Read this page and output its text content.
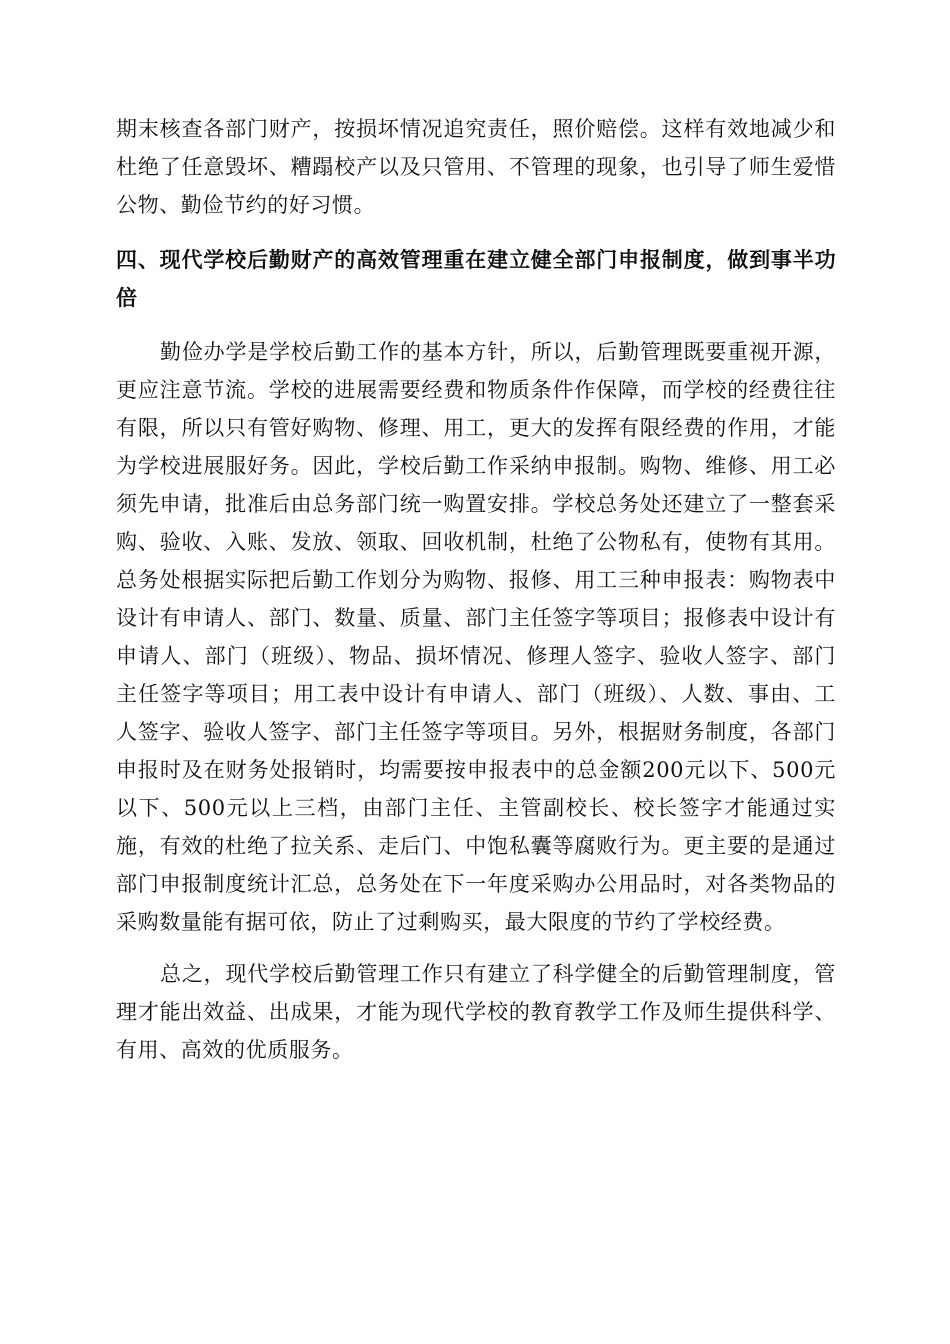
期末核查各部门财产，按损坏情况追究责任，照价赔偿。这样有效地减少和杜绝了任意毁坏、糟蹋校产以及只管用、不管理的现象，也引导了师生爱惜公物、勤俭节约的好习惯。

四、现代学校后勤财产的高效管理重在建立健全部门申报制度，做到事半功倍

勤俭办学是学校后勤工作的基本方针，所以，后勤管理既要重视开源，更应注意节流。学校的进展需要经费和物质条件作保障，而学校的经费往往有限，所以只有管好购物、修理、用工，更大的发挥有限经费的作用，才能为学校进展服好务。因此，学校后勤工作采纳申报制。购物、维修、用工必须先申请，批准后由总务部门统一购置安排。学校总务处还建立了一整套采购、验收、入账、发放、领取、回收机制，杜绝了公物私有，使物有其用。总务处根据实际把后勤工作划分为购物、报修、用工三种申报表：购物表中设计有申请人、部门、数量、质量、部门主任签字等项目；报修表中设计有申请人、部门（班级）、物品、损坏情况、修理人签字、验收人签字、部门主任签字等项目；用工表中设计有申请人、部门（班级）、人数、事由、工人签字、验收人签字、部门主任签字等项目。另外，根据财务制度，各部门申报时及在财务处报销时，均需要按申报表中的总金额200元以下、500元以下、500元以上三档，由部门主任、主管副校长、校长签字才能通过实施，有效的杜绝了拉关系、走后门、中饱私囊等腐败行为。更主要的是通过部门申报制度统计汇总，总务处在下一年度采购办公用品时，对各类物品的采购数量能有据可依，防止了过剩购买，最大限度的节约了学校经费。

总之，现代学校后勤管理工作只有建立了科学健全的后勤管理制度，管理才能出效益、出成果，才能为现代学校的教育教学工作及师生提供科学、有用、高效的优质服务。
